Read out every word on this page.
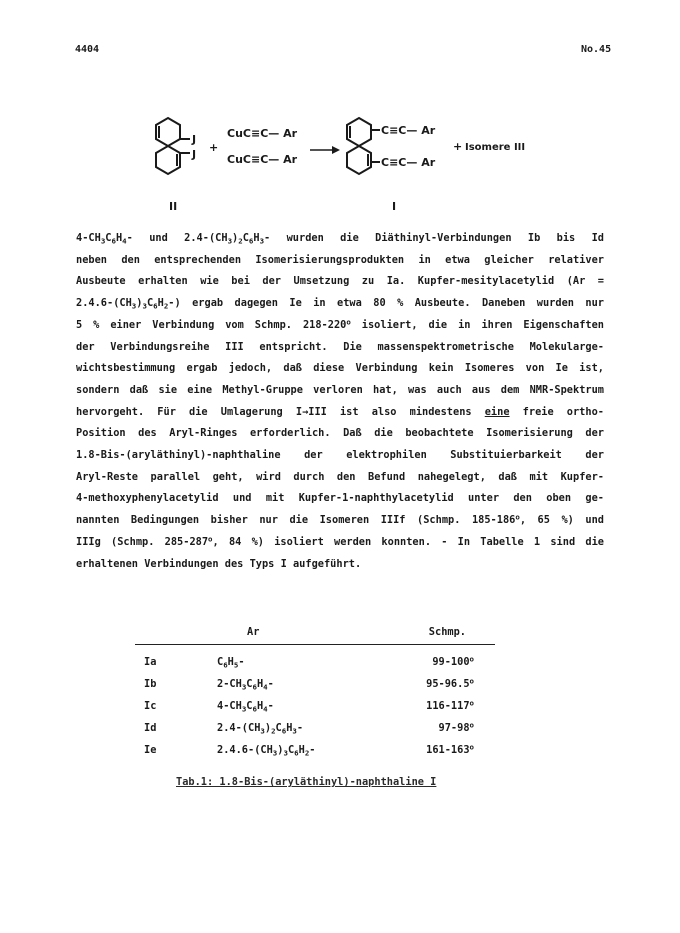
4404	No.45
J
J
+
CuC≡C— Ar
CuC≡C— Ar
C≡C— Ar
C≡C— Ar
+ Isomere III
II	I
$4-CH_3C_6H_4-$ und $2.4-(CH_3)_2C_6H_3-$ wurden die Diäthinyl-Verbindungen Ib bis Id
neben den entsprechenden Isomerisierungsprodukten in etwa gleicher relativer
Ausbeute erhalten wie bei der Umsetzung zu Ia. Kupfer-mesitylacetylid (Ar =
$2.4.6-(CH_3)_3C_6H_2-$) ergab dagegen Ie in etwa 80 % Ausbeute. Daneben wurden nur
5 % einer Verbindung vom Schmp. 218-220$^o$ isoliert, die in ihren Eigenschaften
der Verbindungsreihe III entspricht. Die massenspektrometrische Molekularge-
wichtsbestimmung ergab jedoch, daß diese Verbindung kein Isomeres von Ie ist,
sondern daß sie eine Methyl-Gruppe verloren hat, was auch aus dem NMR-Spektrum
hervorgeht. Für die Umlagerung I→III ist also mindestens eine freie ortho-
Position des Aryl-Ringes erforderlich. Daß die beobachtete Isomerisierung der
1.8-Bis-(aryläthinyl)-naphthaline der elektrophilen Substituierbarkeit der
Aryl-Reste parallel geht, wird durch den Befund nahegelegt, daß mit Kupfer-
4-methoxyphenylacetylid und mit Kupfer-1-naphthylacetylid unter den oben ge-
nannten Bedingungen bisher nur die Isomeren IIIf (Schmp. 185-186$^o$, 65 %) und
IIIg (Schmp. 285-287$^o$, 84 %) isoliert werden konnten. - In Tabelle 1 sind die
erhaltenen Verbindungen des Typs I aufgeführt.
Ar	Schmp.
Ia	$C_6H_5-$	99-100$^o$
Ib	$2-CH_3C_6H_4-$	95-96.5$^o$
Ic	$4-CH_3C_6H_4-$	116-117$^o$
Id	$2.4-(CH_3)_2C_6H_3-$	97-98$^o$
Ie	$2.4.6-(CH_3)_3C_6H_2-$	161-163$^o$
Tab.1: 1.8-Bis-(aryläthinyl)-naphthaline I
